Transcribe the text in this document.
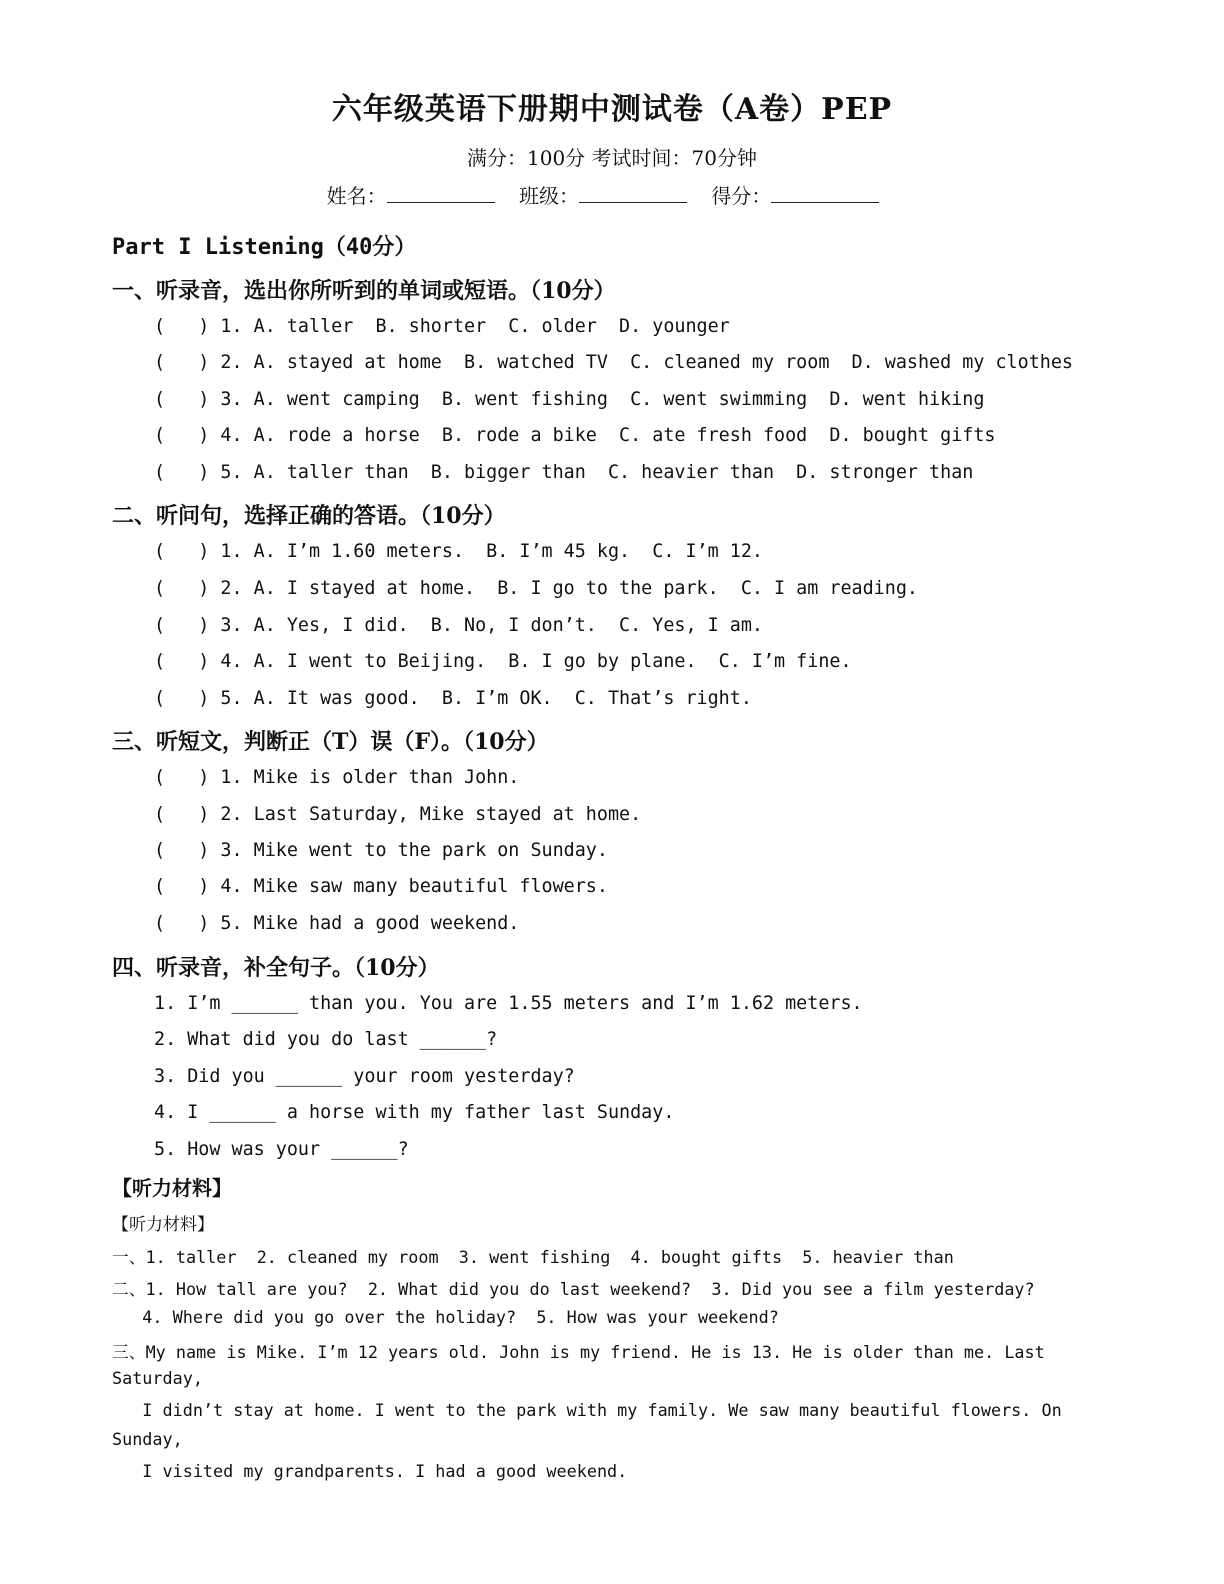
六年级英语下册期中测试卷（A卷）PEP
满分：100分 考试时间：70分钟
姓名：	班级：	得分：
Part I Listening（40分）
一、听录音，选出你所听到的单词或短语。（10分）
(   ) 1. A. taller  B. shorter  C. older  D. younger
(   ) 2. A. stayed at home  B. watched TV  C. cleaned my room  D. washed my clothes
(   ) 3. A. went camping  B. went fishing  C. went swimming  D. went hiking
(   ) 4. A. rode a horse  B. rode a bike  C. ate fresh food  D. bought gifts
(   ) 5. A. taller than  B. bigger than  C. heavier than  D. stronger than
二、听问句，选择正确的答语。（10分）
(   ) 1. A. I’m 1.60 meters.  B. I’m 45 kg.  C. I’m 12.
(   ) 2. A. I stayed at home.  B. I go to the park.  C. I am reading.
(   ) 3. A. Yes, I did.  B. No, I don’t.  C. Yes, I am.
(   ) 4. A. I went to Beijing.  B. I go by plane.  C. I’m fine.
(   ) 5. A. It was good.  B. I’m OK.  C. That’s right.
三、听短文，判断正（T）误（F）。（10分）
(   ) 1. Mike is older than John.
(   ) 2. Last Saturday, Mike stayed at home.
(   ) 3. Mike went to the park on Sunday.
(   ) 4. Mike saw many beautiful flowers.
(   ) 5. Mike had a good weekend.
四、听录音，补全句子。（10分）
1. I’m ______ than you. You are 1.55 meters and I’m 1.62 meters.
2. What did you do last ______?
3. Did you ______ your room yesterday?
4. I ______ a horse with my father last Sunday.
5. How was your ______?
【听力材料】
【听力材料】
一、1. taller  2. cleaned my room  3. went fishing  4. bought gifts  5. heavier than
二、1. How tall are you?  2. What did you do last weekend?  3. Did you see a film yesterday?
4. Where did you go over the holiday?  5. How was your weekend?
三、My name is Mike. I’m 12 years old. John is my friend. He is 13. He is older than me. Last
Saturday,
I didn’t stay at home. I went to the park with my family. We saw many beautiful flowers. On
Sunday,
I visited my grandparents. I had a good weekend.
